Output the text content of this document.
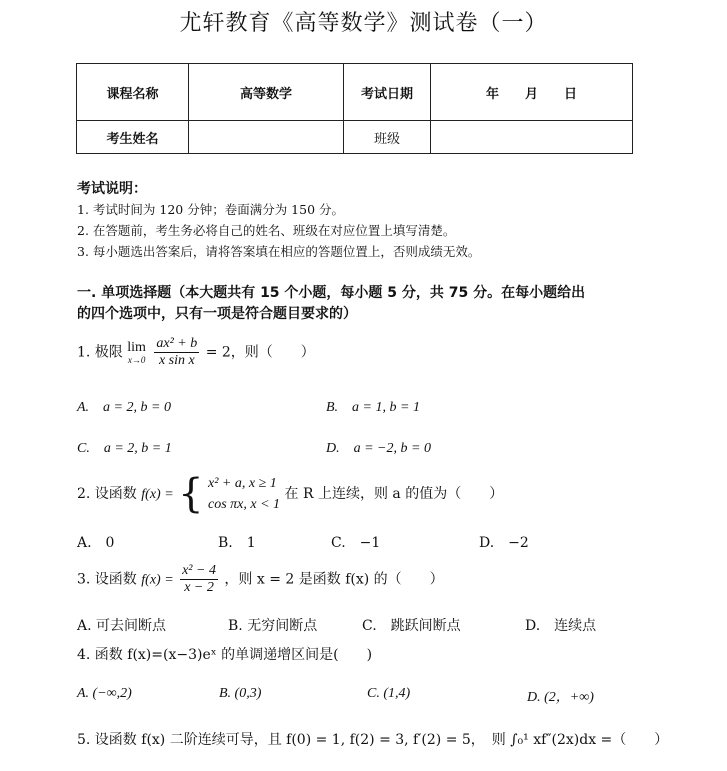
尤轩教育《高等数学》测试卷（一）
课程名称	高等数学	考试日期	年　　月　　日
考生姓名		班级	
考试说明：
1. 考试时间为 120 分钟；卷面满分为 150 分。
2. 在答题前，考生务必将自己的姓名、班级在对应位置上填写清楚。
3. 每小题选出答案后，请将答案填在相应的答题位置上，否则成绩无效。
一. 单项选择题（本大题共有 15 个小题，每小题 5 分，共 75 分。在每小题给出
的四个选项中，只有一项是符合题目要求的）
1. 极限 lim
x→0
$\frac{\text{ax² + b}}{\text{x sin x}} = 2$，则（　　）
A.　a = 2, b = 0	B.　a = 1, b = 1
C.　a = 2, b = 1	D.　a = −2, b = 0
2. 设函数 f(x) = { x² + a, x ≥ 1
cos πx, x < 1
在 R 上连续，则 a 的值为（　　）
A.　0	B.　1	C.　−1	D.　−2
3. 设函数 $f(x) = \frac{\text{x² − 4}}{x - 2}$ ，则 x = 2 是函数 f(x) 的（　　）
A. 可去间断点	B. 无穷间断点	C.　跳跃间断点	D.　连续点
4. 函数 f(x)=(x−3)eˣ 的单调递增区间是(　　)
A. (−∞,2)	B. (0,3)	C. (1,4)	D. (2，+∞)
5. 设函数 f(x) 二阶连续可导，且 f(0) = 1, f(2) = 3, f′(2) = 5，　则 ∫₀¹ xf″(2x)dx =（　　）
